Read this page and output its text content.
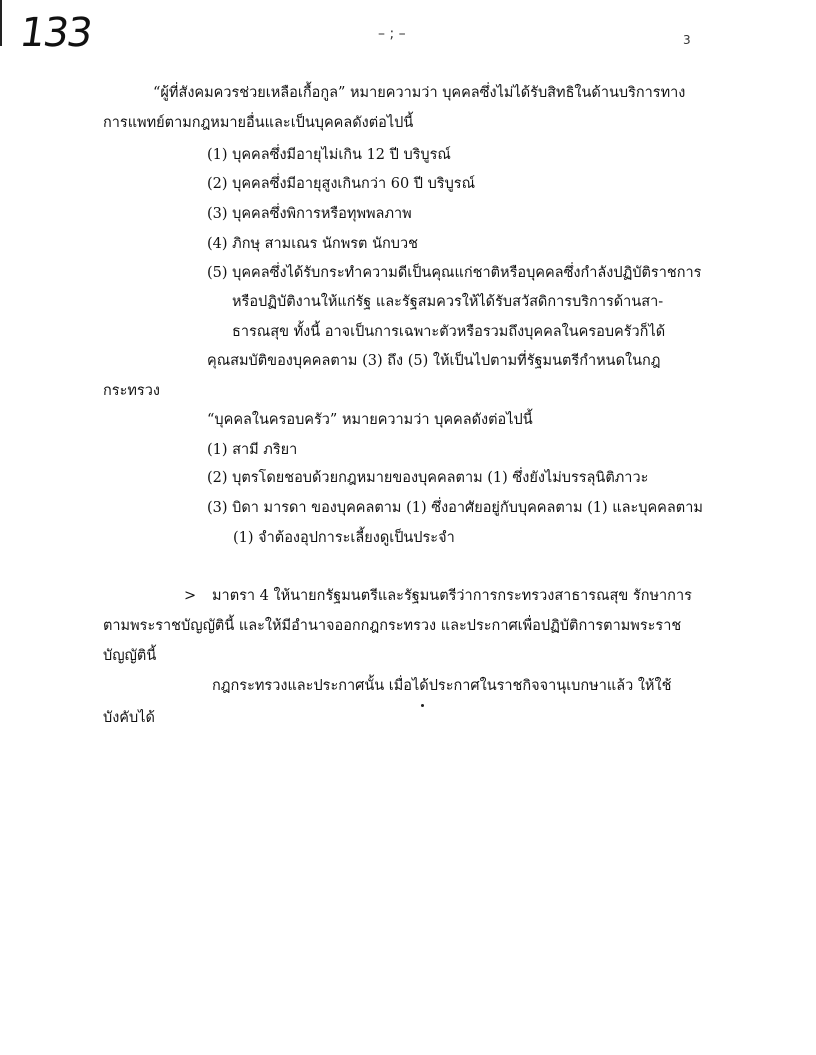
133	– ; –	3
“ผู้ที่สังคมควรช่วยเหลือเกื้อกูล” หมายความว่า บุคคลซึ่งไม่ได้รับสิทธิในด้านบริการทาง
การแพทย์ตามกฎหมายอื่นและเป็นบุคคลดังต่อไปนี้
(1) บุคคลซึ่งมีอายุไม่เกิน 12 ปี บริบูรณ์
(2) บุคคลซึ่งมีอายุสูงเกินกว่า 60 ปี บริบูรณ์
(3) บุคคลซึ่งพิการหรือทุพพลภาพ
(4) ภิกษุ สามเณร นักพรต นักบวช
(5) บุคคลซึ่งได้รับกระทำความดีเป็นคุณแก่ชาติหรือบุคคลซึ่งกำลังปฏิบัติราชการ
หรือปฏิบัติงานให้แก่รัฐ และรัฐสมควรให้ได้รับสวัสดิการบริการด้านสา-
ธารณสุข ทั้งนี้ อาจเป็นการเฉพาะตัวหรือรวมถึงบุคคลในครอบครัวก็ได้
คุณสมบัติของบุคคลตาม (3) ถึง (5) ให้เป็นไปตามที่รัฐมนตรีกำหนดในกฎ
กระทรวง
“บุคคลในครอบครัว” หมายความว่า บุคคลดังต่อไปนี้
(1) สามี ภริยา
(2) บุตรโดยชอบด้วยกฎหมายของบุคคลตาม (1) ซึ่งยังไม่บรรลุนิติภาวะ
(3) บิดา มารดา ของบุคคลตาม (1) ซึ่งอาศัยอยู่กับบุคคลตาม (1) และบุคคลตาม
(1) จำต้องอุปการะเลี้ยงดูเป็นประจำ
> มาตรา 4 ให้นายกรัฐมนตรีและรัฐมนตรีว่าการกระทรวงสาธารณสุข รักษาการ
ตามพระราชบัญญัตินี้ และให้มีอำนาจออกกฎกระทรวง และประกาศเพื่อปฏิบัติการตามพระราช
บัญญัตินี้
กฎกระทรวงและประกาศนั้น เมื่อได้ประกาศในราชกิจจานุเบกษาแล้ว ให้ใช้
บังคับได้
